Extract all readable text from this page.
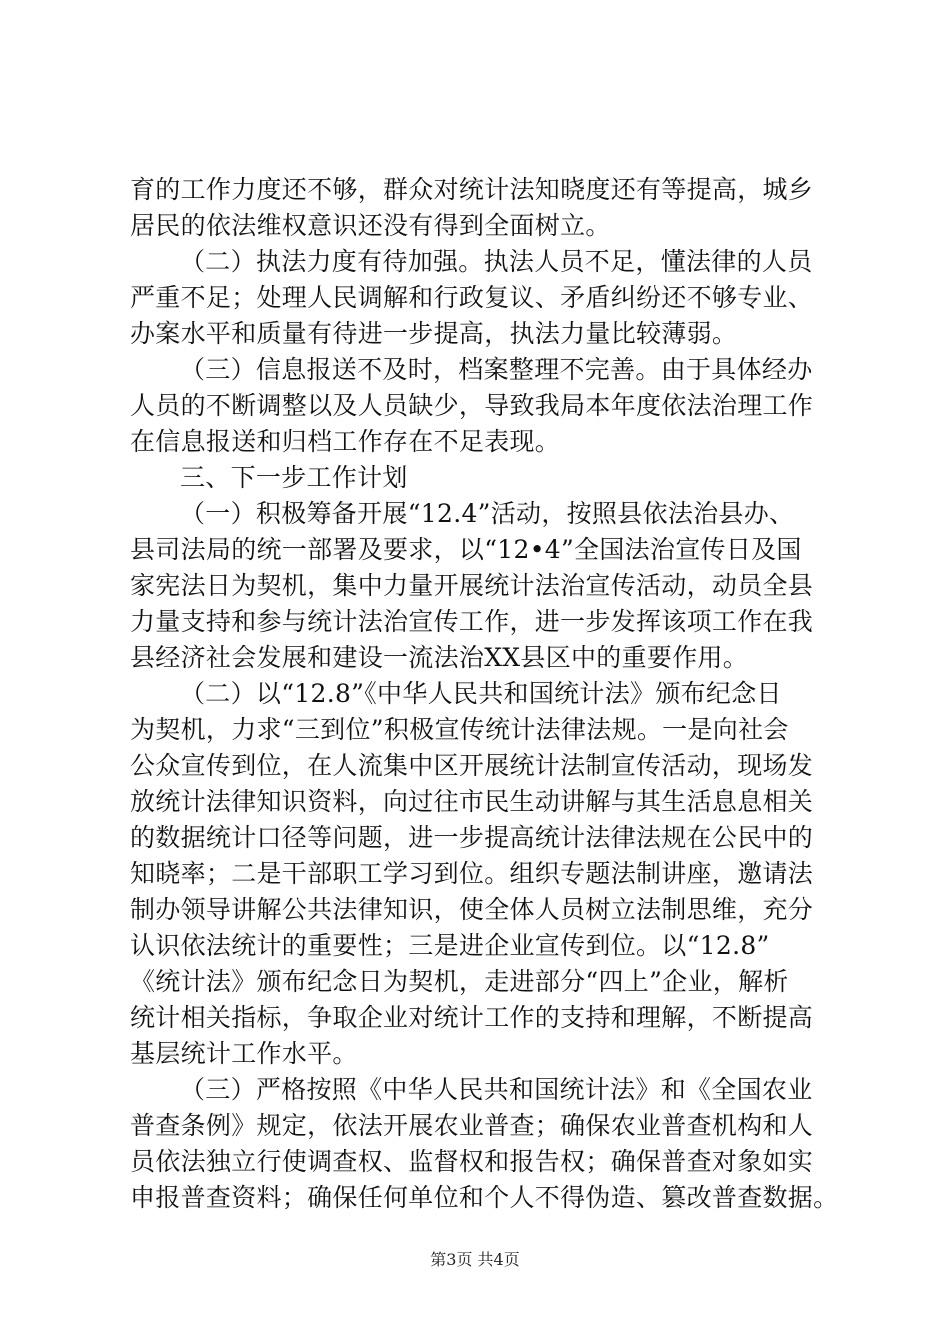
育的工作力度还不够，群众对统计法知晓度还有等提高，城乡
居民的依法维权意识还没有得到全面树立。
（二）执法力度有待加强。执法人员不足，懂法律的人员
严重不足；处理人民调解和行政复议、矛盾纠纷还不够专业、
办案水平和质量有待进一步提高，执法力量比较薄弱。
（三）信息报送不及时，档案整理不完善。由于具体经办
人员的不断调整以及人员缺少，导致我局本年度依法治理工作
在信息报送和归档工作存在不足表现。
三、下一步工作计划
（一）积极筹备开展“12.4”活动，按照县依法治县办、
县司法局的统一部署及要求，以“12•4”全国法治宣传日及国
家宪法日为契机，集中力量开展统计法治宣传活动，动员全县
力量支持和参与统计法治宣传工作，进一步发挥该项工作在我
县经济社会发展和建设一流法治XX县区中的重要作用。
（二）以“12.8”《中华人民共和国统计法》颁布纪念日
为契机，力求“三到位”积极宣传统计法律法规。一是向社会
公众宣传到位，在人流集中区开展统计法制宣传活动，现场发
放统计法律知识资料，向过往市民生动讲解与其生活息息相关
的数据统计口径等问题，进一步提高统计法律法规在公民中的
知晓率；二是干部职工学习到位。组织专题法制讲座，邀请法
制办领导讲解公共法律知识，使全体人员树立法制思维，充分
认识依法统计的重要性；三是进企业宣传到位。以“12.8”
《统计法》颁布纪念日为契机，走进部分“四上”企业，解析
统计相关指标，争取企业对统计工作的支持和理解，不断提高
基层统计工作水平。
（三）严格按照《中华人民共和国统计法》和《全国农业
普查条例》规定，依法开展农业普查；确保农业普查机构和人
员依法独立行使调查权、监督权和报告权；确保普查对象如实
申报普查资料；确保任何单位和个人不得伪造、篡改普查数据。
第3页 共4页
